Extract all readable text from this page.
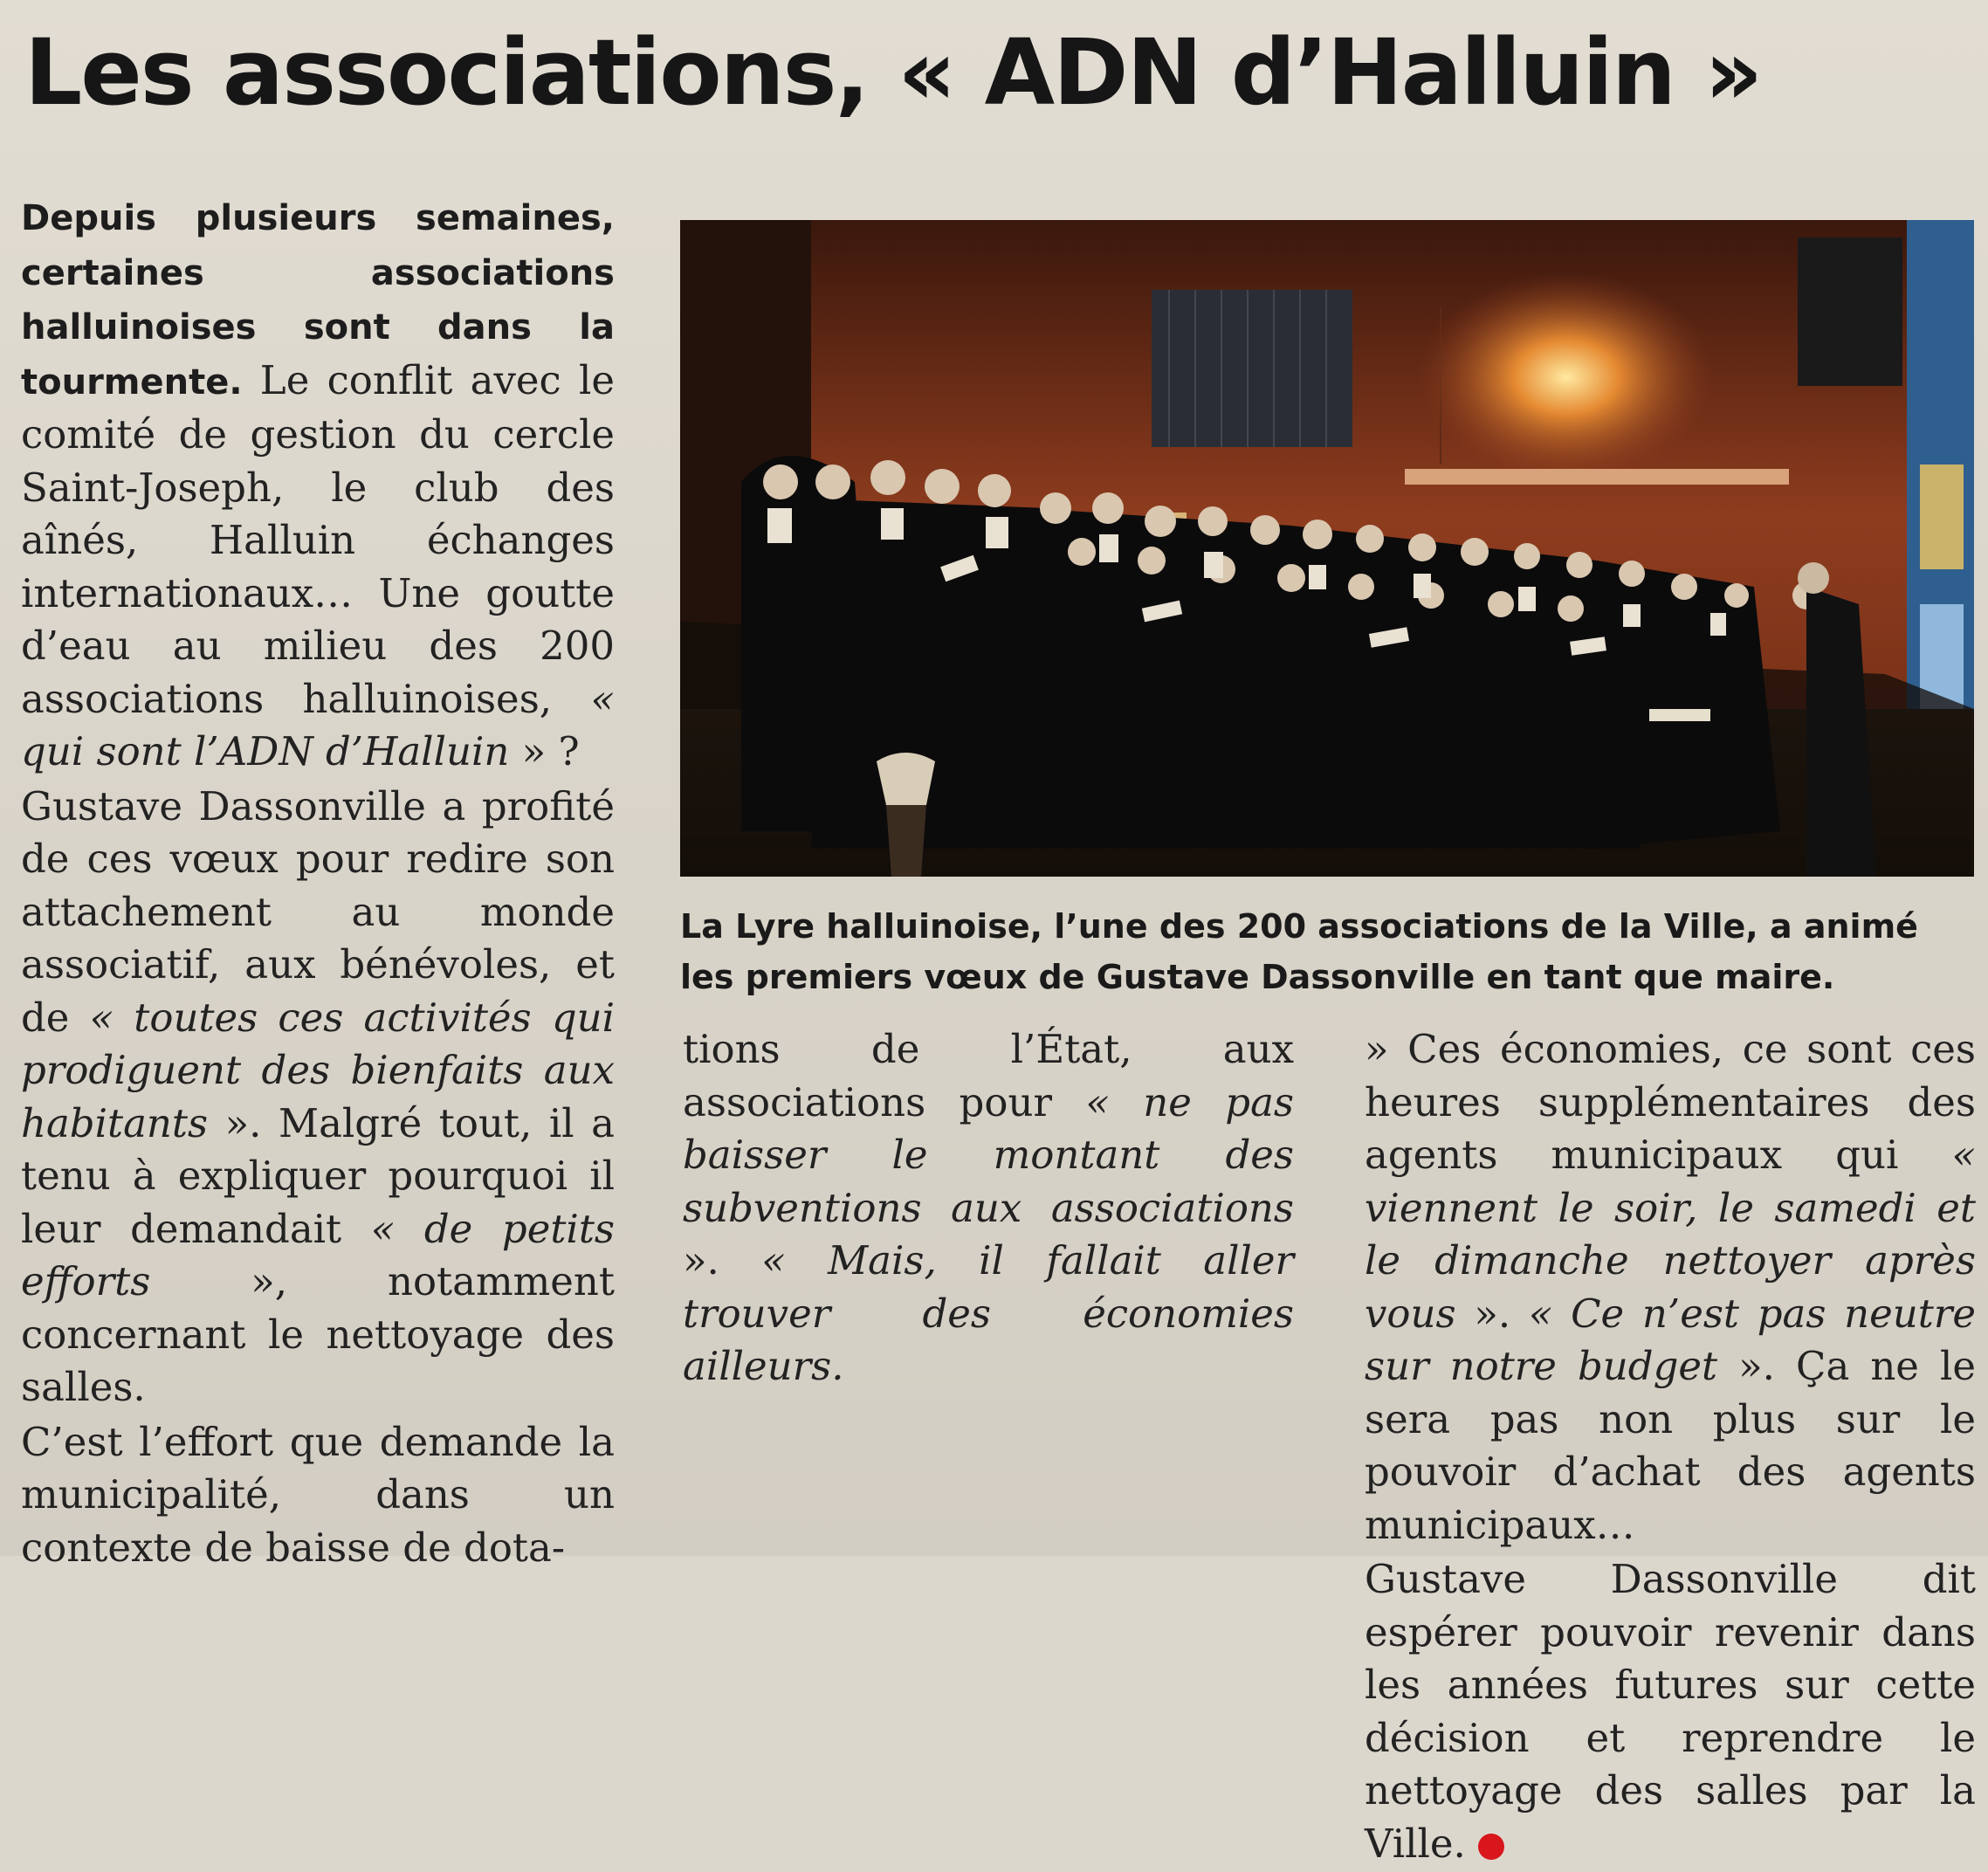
Les associations, « ADN d’Halluin »

Depuis plusieurs semaines, certaines associations halluinoises sont dans la tourmente. Le conflit avec le comité de gestion du cercle Saint-Joseph, le club des aînés, Halluin échanges internationaux… Une goutte d’eau au milieu des 200 associations halluinoises, « qui sont l’ADN d’Halluin » ?

Gustave Dassonville a profité de ces vœux pour redire son attachement au monde associatif, aux bénévoles, et de « toutes ces activités qui prodiguent des bienfaits aux habitants ». Malgré tout, il a tenu à expliquer pourquoi il leur demandait « de petits efforts », notamment concernant le nettoyage des salles.

C’est l’effort que demande la municipalité, dans un contexte de baisse de dota-

La Lyre halluinoise, l’une des 200 associations de la Ville, a animé les premiers vœux de Gustave Dassonville en tant que maire.

tions de l’État, aux associations pour « ne pas baisser le montant des subventions aux associations ». « Mais, il fallait aller trouver des économies ailleurs.

» Ces économies, ce sont ces heures supplémentaires des agents municipaux qui « viennent le soir, le samedi et le dimanche nettoyer après vous ». « Ce n’est pas neutre sur notre budget ». Ça ne le sera pas non plus sur le pouvoir d’achat des agents municipaux…

Gustave Dassonville dit espérer pouvoir revenir dans les années futures sur cette décision et reprendre le nettoyage des salles par la Ville.
